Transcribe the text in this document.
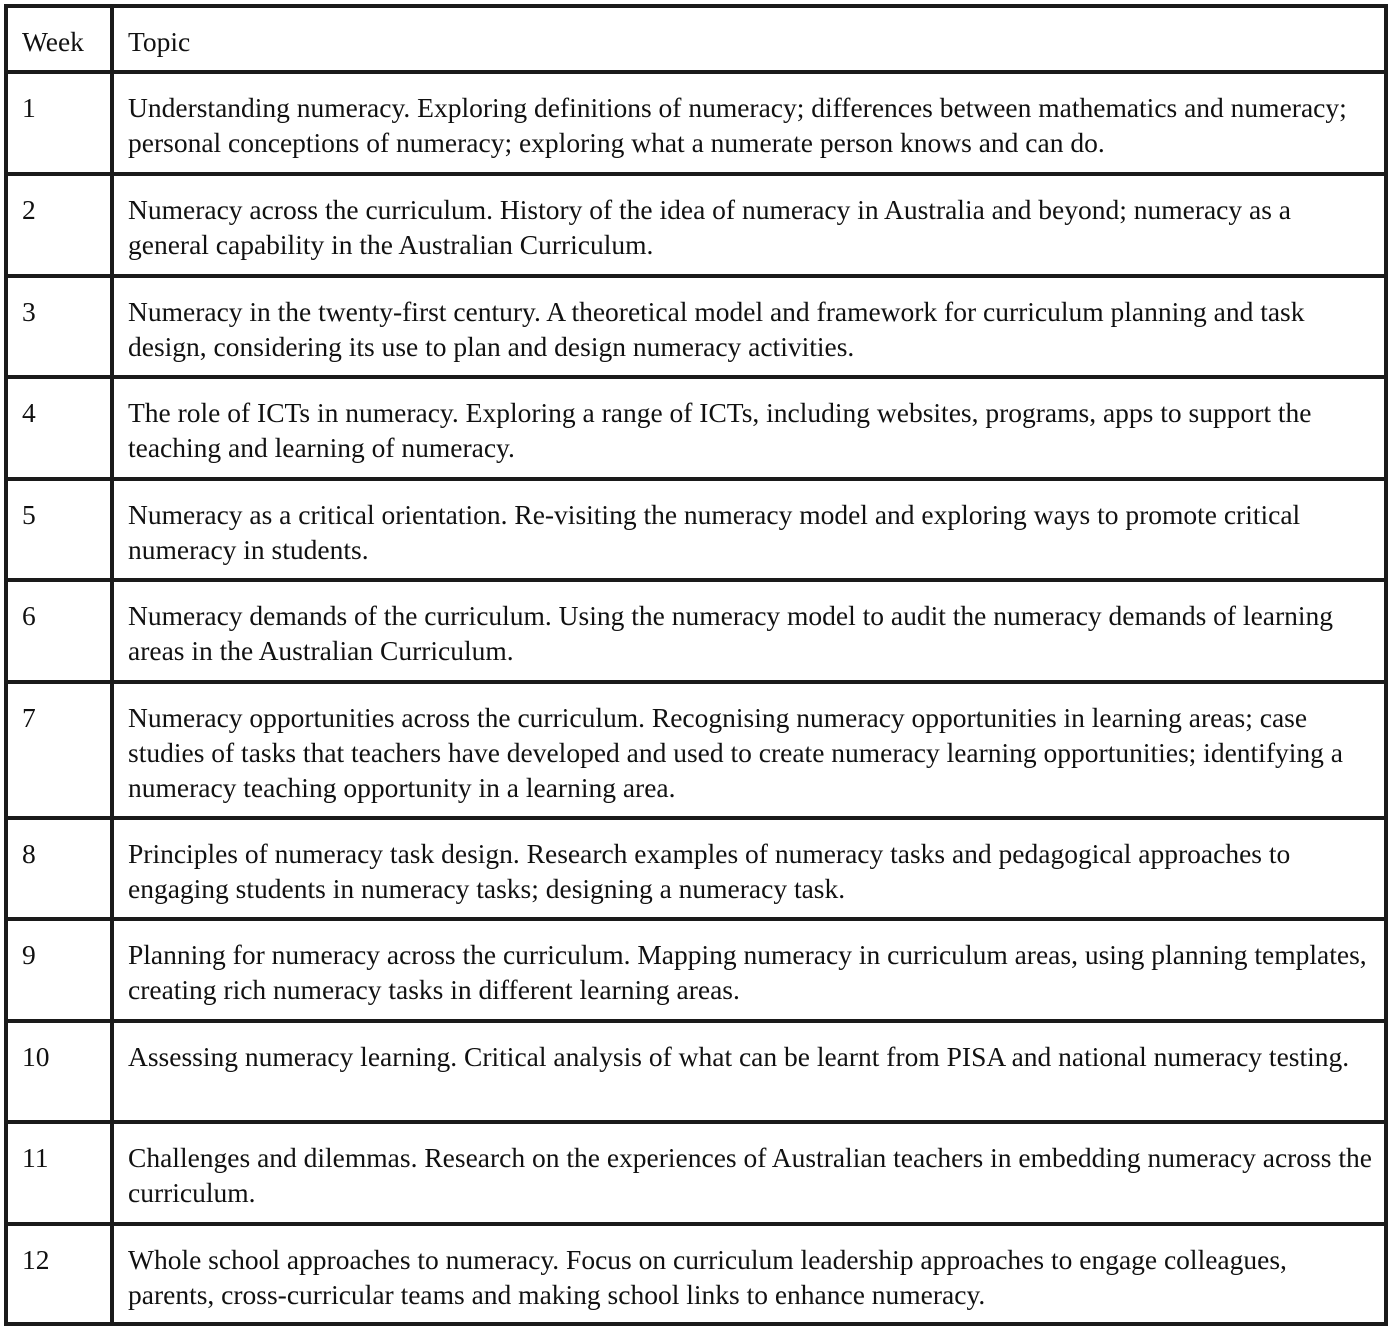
Week	Topic
1	Understanding numeracy. Exploring definitions of numeracy; differences between mathematics and numeracy; personal conceptions of numeracy; exploring what a numerate person knows and can do.
2	Numeracy across the curriculum. History of the idea of numeracy in Australia and beyond; numeracy as a general capability in the Australian Curriculum.
3	Numeracy in the twenty-first century. A theoretical model and framework for curriculum planning and task design, considering its use to plan and design numeracy activities.
4	The role of ICTs in numeracy. Exploring a range of ICTs, including websites, programs, apps to support the teaching and learning of numeracy.
5	Numeracy as a critical orientation. Re-visiting the numeracy model and exploring ways to promote critical numeracy in students.
6	Numeracy demands of the curriculum. Using the numeracy model to audit the numeracy demands of learning areas in the Australian Curriculum.
7	Numeracy opportunities across the curriculum. Recognising numeracy opportunities in learning areas; case studies of tasks that teachers have developed and used to create numeracy learning opportunities; identifying a numeracy teaching opportunity in a learning area.
8	Principles of numeracy task design. Research examples of numeracy tasks and pedagogical approaches to engaging students in numeracy tasks; designing a numeracy task.
9	Planning for numeracy across the curriculum. Mapping numeracy in curriculum areas, using planning templates, creating rich numeracy tasks in different learning areas.
10	Assessing numeracy learning. Critical analysis of what can be learnt from PISA and national numeracy testing.
11	Challenges and dilemmas. Research on the experiences of Australian teachers in embedding numeracy across the curriculum.
12	Whole school approaches to numeracy. Focus on curriculum leadership approaches to engage colleagues, parents, cross-curricular teams and making school links to enhance numeracy.
